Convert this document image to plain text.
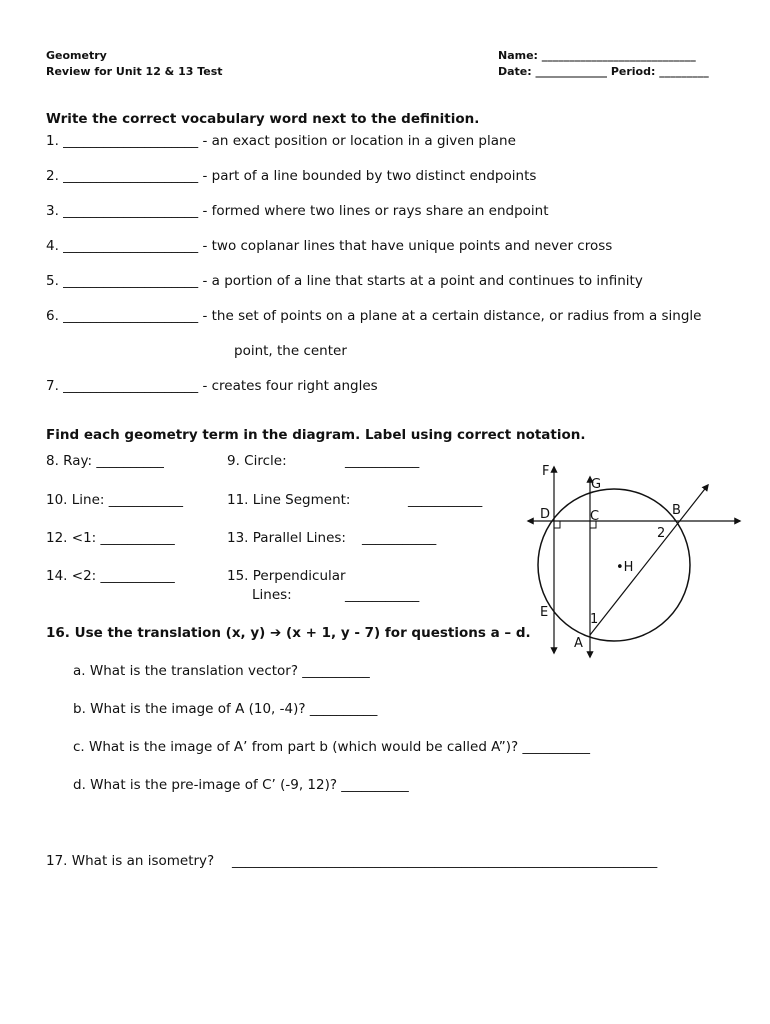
Geometry
Review for Unit 12 & 13 Test
Name: ____________________________
Date: _____________ Period: _________
Write the correct vocabulary word next to the definition.
1. ____________________ - an exact position or location in a given plane
2. ____________________ - part of a line bounded by two distinct endpoints
3. ____________________ - formed where two lines or rays share an endpoint
4. ____________________ - two coplanar lines that have unique points and never cross
5. ____________________ - a portion of a line that starts at a point and continues to infinity
6. ____________________ - the set of points on a plane at a certain distance, or radius from a single
point, the center
7. ____________________ - creates four right angles
Find each geometry term in the diagram. Label using correct notation.
8. Ray: __________
10. Line: ___________
12. <1: ___________
14. <2: ___________
9. Circle:	___________
11. Line Segment:	___________
13. Parallel Lines: ___________
15. Perpendicular
Lines:	___________
F
G
D	C	B
2
•H
E	1
A
16. Use the translation (x, y) ➔ (x + 1, y - 7) for questions a – d.
a. What is the translation vector? __________
b. What is the image of A (10, -4)? __________
c. What is the image of A’ from part b (which would be called A”)? __________
d. What is the pre-image of C’ (-9, 12)? __________
17. What is an isometry? _______________________________________________________________
